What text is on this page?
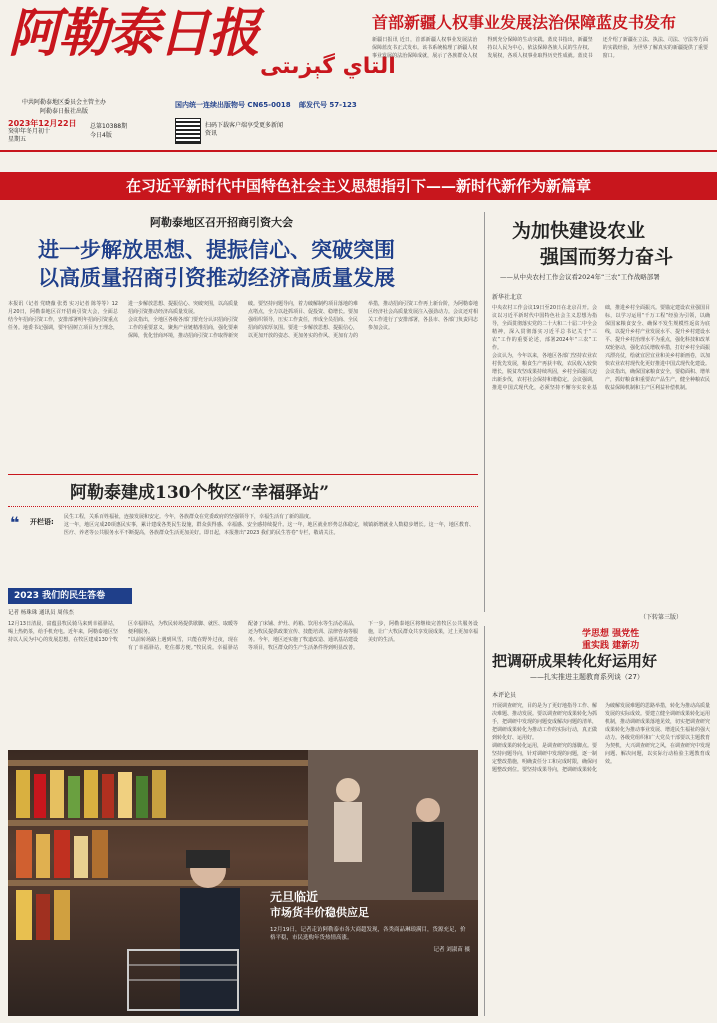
阿勒泰日报
中共阿勒泰地区委员会主管主办
阿勒泰日报社出版
2023年12月22日
癸卯年冬月初十
星期五
总第10388期
今日4版
التاي گېزىتى
国内统一连续出版物号 CN65-0018 邮发代号 57-123
扫码下载客户端享受更多新闻资讯
首部新疆人权事业发展法治保障蓝皮书发布
新疆日报讯 近日，首部新疆人权事业发展法治保障蓝皮书正式发布。该书系统梳理了新疆人权事业发展的法治保障成就，展示了各族群众人权得到充分保障的生动实践。蓝皮书指出，新疆坚持以人民为中心，依法保障各族人民的生存权、发展权，各项人权事业取得历史性成就。蓝皮书还介绍了新疆在立法、执法、司法、守法等方面的实践经验，为世界了解真实的新疆提供了重要窗口。
在习近平新时代中国特色社会主义思想指引下——新时代新作为新篇章
阿勒泰地区召开招商引资大会
进一步解放思想、提振信心、突破突围
以高质量招商引资推动经济高质量发展
本报讯（记者 党晓薇 张勇 实习记者 陈等等）12月20日，阿勒泰地区召开招商引资大会，全面总结今年招商引资工作，安排部署明年招商引资重点任务。地委书记强调，要牢固树立项目为王理念，进一步解放思想、提振信心、突破突围，以高质量招商引资推动经济高质量发展。
会议指出，全地区各级各部门要充分认识招商引资工作的重要意义，聚焦产业链精准招商，强化要素保障，优化营商环境，推动招商引资工作取得新突破。要坚持问题导向，着力破解制约项目落地的难点堵点，全力以赴抓项目、促投资、稳增长。要加强组织领导，压实工作责任，形成全员招商、全民招商的浓厚氛围。要进一步解放思想、提振信心，以更加开放的姿态、更加务实的作风、更加有力的举措，推动招商引资工作再上新台阶，为阿勒泰地区经济社会高质量发展注入强劲动力。会议还对相关工作进行了安排部署，各县市、各部门负责同志参加会议。
为加快建设农业
强国而努力奋斗
——从中央农村工作会议看2024年“三农”工作战略部署
新华社北京
中央农村工作会议19日至20日在北京召开。会议以习近平新时代中国特色社会主义思想为指导，全面贯彻落实党的二十大和二十届二中全会精神，深入贯彻落实习近平总书记关于“三农”工作的重要论述，部署2024年“三农”工作。
会议认为，今年以来，各地区各部门坚持农业农村优先发展，粮食生产再获丰收，农民收入较快增长，脱贫攻坚成果持续巩固，乡村全面振兴迈出新步伐，农村社会保持和谐稳定。会议强调，推进中国式现代化，必须坚持不懈夯实农业基础，推进乡村全面振兴。要锚定建设农业强国目标，以学习运用“千万工程”经验为引领，以确保国家粮食安全、确保不发生规模性返贫为底线，以提升乡村产业发展水平、提升乡村建设水平、提升乡村治理水平为重点，强化科技和改革双轮驱动，强化农民增收举措，打好乡村全面振兴漂亮仗，绘就宜居宜业和美乡村新画卷，以加快农业农村现代化更好推进中国式现代化建设。会议指出，确保国家粮食安全，要稳面积、增单产，抓好粮食和重要农产品生产，健全种粮农民收益保障机制和主产区利益补偿机制。
（下转第三版）
阿勒泰建成130个牧区“幸福驿站”
❝ 开栏语:
民生工程，关系百姓福祉，连接发展和安定。今年，各族群众在党委政府的坚强领导下，幸福生活有了新的温度。
这一年，地区完成20项惠民实事，累计建成各类民生设施，群众获得感、幸福感、安全感持续提升。这一年，地区就业形势总体稳定，城镇新增就业人数稳步增长。这一年，地区教育、医疗、养老等公共服务水平不断提高，各族群众生活更加美好。即日起，本报推出“2023 我们的民生答卷”专栏，敬请关注。
2023 我们的民生答卷
记者 杨珠珠 通讯员 周伟杰
12月13日清晨，富蕴县牧民骑马来到幸福驿站，喝上热奶茶，给手机充电。近年来，阿勒泰地区坚持以人民为中心的发展思想，在牧区建成130个牧区幸福驿站，为牧民转场提供歇脚、就医、取暖等便利服务。
“以前转场路上遇到风雪，只能在野外过夜，现在有了幸福驿站，吃住都方便。”牧民说。幸福驿站配备了床铺、炉灶、药箱、饮用水等生活必需品，还为牧民提供政策宣传、技能培训、法律咨询等服务。今年，地区还实施了牧道改造、通讯基站建设等项目，牧区群众的生产生活条件得到明显改善。下一步，阿勒泰地区将继续完善牧区公共服务设施，让广大牧民群众共享发展成果，过上更加幸福美好的生活。
元旦临近
市场货丰价稳供应足
12月19日，记者走访阿勒泰市各大商超发现，各类商品琳琅满目，货源充足，价格平稳，市民选购年货热情高涨。
记者 刘淑苗 摄
学思想 强党性
重实践 建新功
把调研成果转化好运用好
——扎实推进主题教育系列谈（27）
本评论员
开展调查研究，目的是为了更好地指导工作、解决难题、推动发展。要以调查研究成果转化为抓手，把调研中发现的问题变成解决问题的清单，把调研成果转化为推动工作的实际行动，真正做到转化好、运用好。
调研成果的转化运用，是调查研究的落脚点。要坚持问题导向，针对调研中发现的问题，逐一制定整改措施，明确责任分工和完成时限，确保问题整改到位。要坚持成果导向，把调研成果转化为破解发展难题的思路举措，转化为推动高质量发展的实际成效。要建立健全调研成果转化运用机制，推动调研成果落地见效，切实把调查研究成果转化为推动事业发展、增进民生福祉的强大动力。各级党组织和广大党员干部要以主题教育为契机，大兴调查研究之风，在调查研究中发现问题、解决问题，以实际行动检验主题教育成效。
